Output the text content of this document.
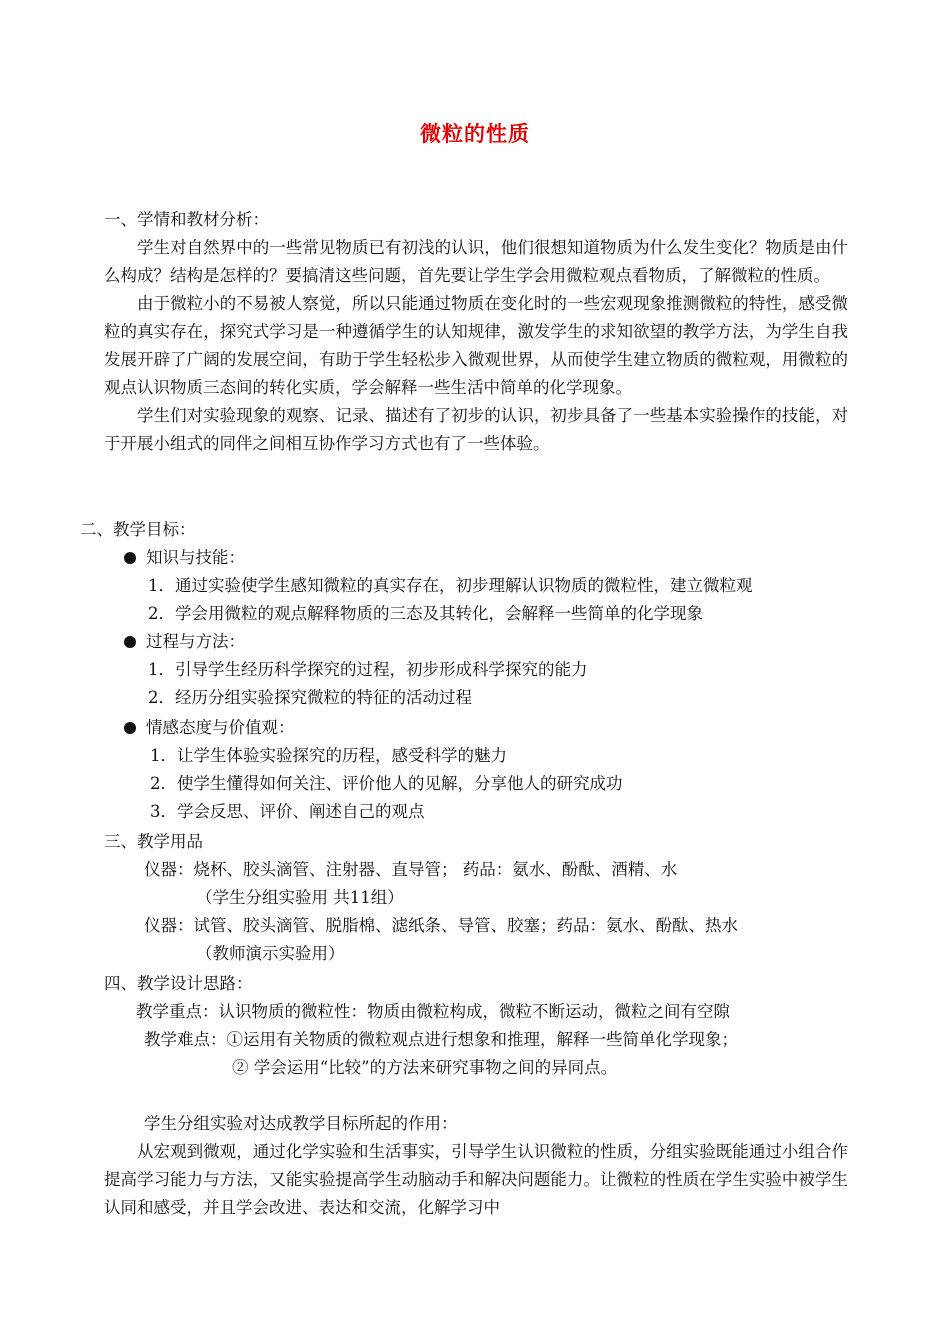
微粒的性质
一、学情和教材分析：

学生对自然界中的一些常见物质已有初浅的认识，他们很想知道物质为什么发生变化？物质是由什么构成？结构是怎样的？要搞清这些问题，首先要让学生学会用微粒观点看物质，了解微粒的性质。

由于微粒小的不易被人察觉，所以只能通过物质在变化时的一些宏观现象推测微粒的特性，感受微粒的真实存在，探究式学习是一种遵循学生的认知规律，激发学生的求知欲望的教学方法，为学生自我发展开辟了广阔的发展空间，有助于学生轻松步入微观世界，从而使学生建立物质的微粒观，用微粒的观点认识物质三态间的转化实质，学会解释一些生活中简单的化学现象。

学生们对实验现象的观察、记录、描述有了初步的认识，初步具备了一些基本实验操作的技能，对于开展小组式的同伴之间相互协作学习方式也有了一些体验。

二、教学目标：
知识与技能：
1．通过实验使学生感知微粒的真实存在，初步理解认识物质的微粒性，建立微粒观
2．学会用微粒的观点解释物质的三态及其转化，会解释一些简单的化学现象
过程与方法：
1．引导学生经历科学探究的过程，初步形成科学探究的能力
2．经历分组实验探究微粒的特征的活动过程
情感态度与价值观：
1．让学生体验实验探究的历程，感受科学的魅力
2．使学生懂得如何关注、评价他人的见解，分享他人的研究成功
3．学会反思、评价、阐述自己的观点
三、教学用品
仪器：烧杯、胶头滴管、注射器、直导管； 药品：氨水、酚酞、酒精、水
（学生分组实验用 共11组）
仪器：试管、胶头滴管、脱脂棉、滤纸条、导管、胶塞；药品：氨水、酚酞、热水
（教师演示实验用）
四、教学设计思路：
教学重点：认识物质的微粒性：物质由微粒构成，微粒不断运动，微粒之间有空隙
教学难点：①运用有关物质的微粒观点进行想象和推理，解释一些简单化学现象；
② 学会运用“比较”的方法来研究事物之间的异同点。
学生分组实验对达成教学目标所起的作用：

从宏观到微观，通过化学实验和生活事实，引导学生认识微粒的性质，分组实验既能通过小组合作提高学习能力与方法，又能实验提高学生动脑动手和解决问题能力。让微粒的性质在学生实验中被学生认同和感受，并且学会改进、表达和交流，化解学习中
